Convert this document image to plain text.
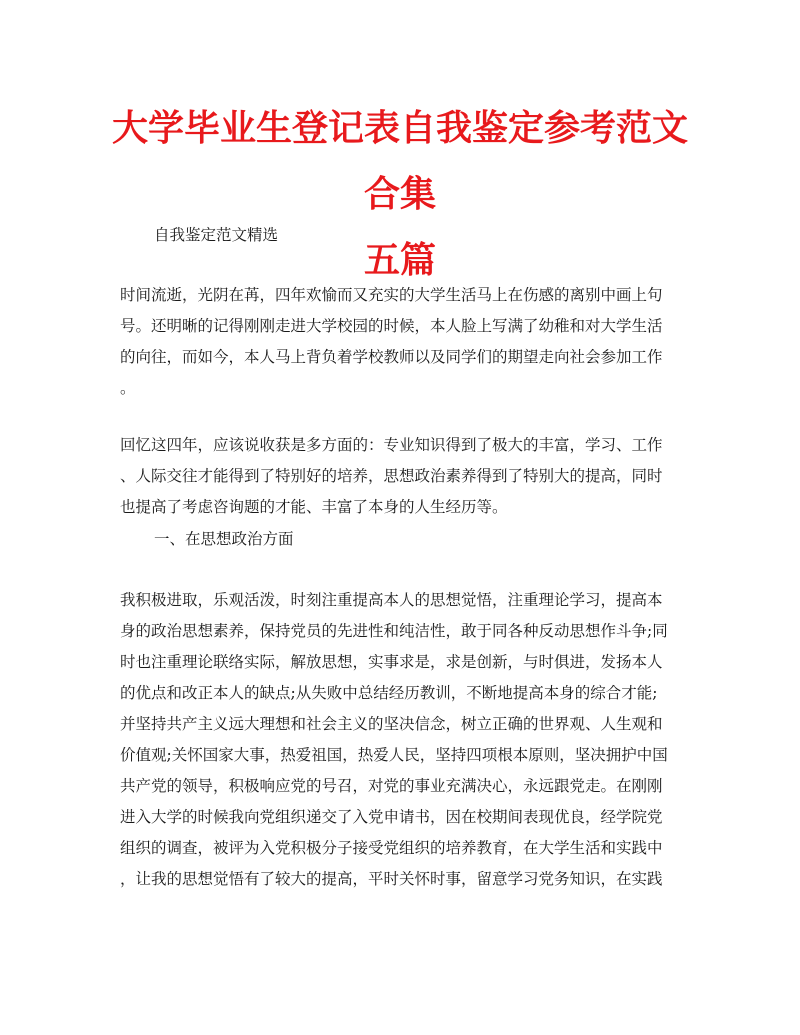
大学毕业生登记表自我鉴定参考范文合集
五篇

自我鉴定范文精选

时间流逝，光阴在苒，四年欢愉而又充实的大学生活马上在伤感的离别中画上句
号。还明晰的记得刚刚走进大学校园的时候，本人脸上写满了幼稚和对大学生活
的向往，而如今，本人马上背负着学校教师以及同学们的期望走向社会参加工作
。

回忆这四年，应该说收获是多方面的：专业知识得到了极大的丰富，学习、工作
、人际交往才能得到了特别好的培养，思想政治素养得到了特别大的提高，同时
也提高了考虑咨询题的才能、丰富了本身的人生经历等。

一、在思想政治方面

我积极进取，乐观活泼，时刻注重提高本人的思想觉悟，注重理论学习，提高本
身的政治思想素养，保持党员的先进性和纯洁性，敢于同各种反动思想作斗争;同
时也注重理论联络实际，解放思想，实事求是，求是创新，与时俱进，发扬本人
的优点和改正本人的缺点;从失败中总结经历教训，不断地提高本身的综合才能;
并坚持共产主义远大理想和社会主义的坚决信念，树立正确的世界观、人生观和
价值观;关怀国家大事，热爱祖国，热爱人民，坚持四项根本原则，坚决拥护中国
共产党的领导，积极响应党的号召，对党的事业充满决心，永远跟党走。在刚刚
进入大学的时候我向党组织递交了入党申请书，因在校期间表现优良，经学院党
组织的调查，被评为入党积极分子接受党组织的培养教育，在大学生活和实践中
，让我的思想觉悟有了较大的提高，平时关怀时事，留意学习党务知识，在实践
